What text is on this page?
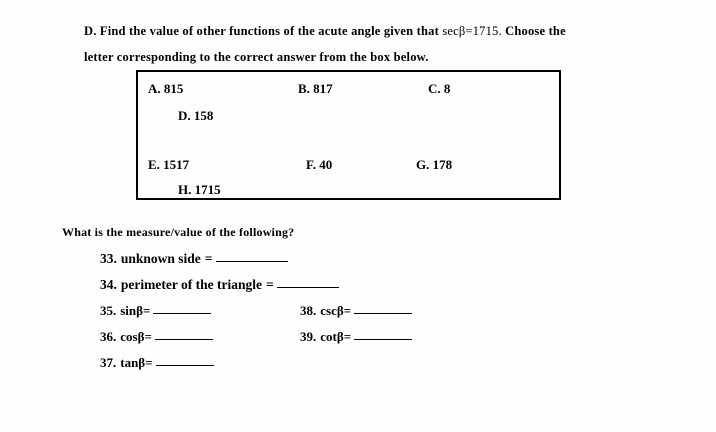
D. Find the value of other functions of the acute angle given that secβ=1715. Choose the
letter corresponding to the correct answer from the box below.
A. 815	B. 817	C. 8
D. 158
E. 1517	F. 40	G. 178
H. 1715
What is the measure/value of the following?
33. unknown side =
34. perimeter of the triangle =
35. sinβ =	38. cscβ =
36. cosβ =	39. cotβ =
37. tanβ =
